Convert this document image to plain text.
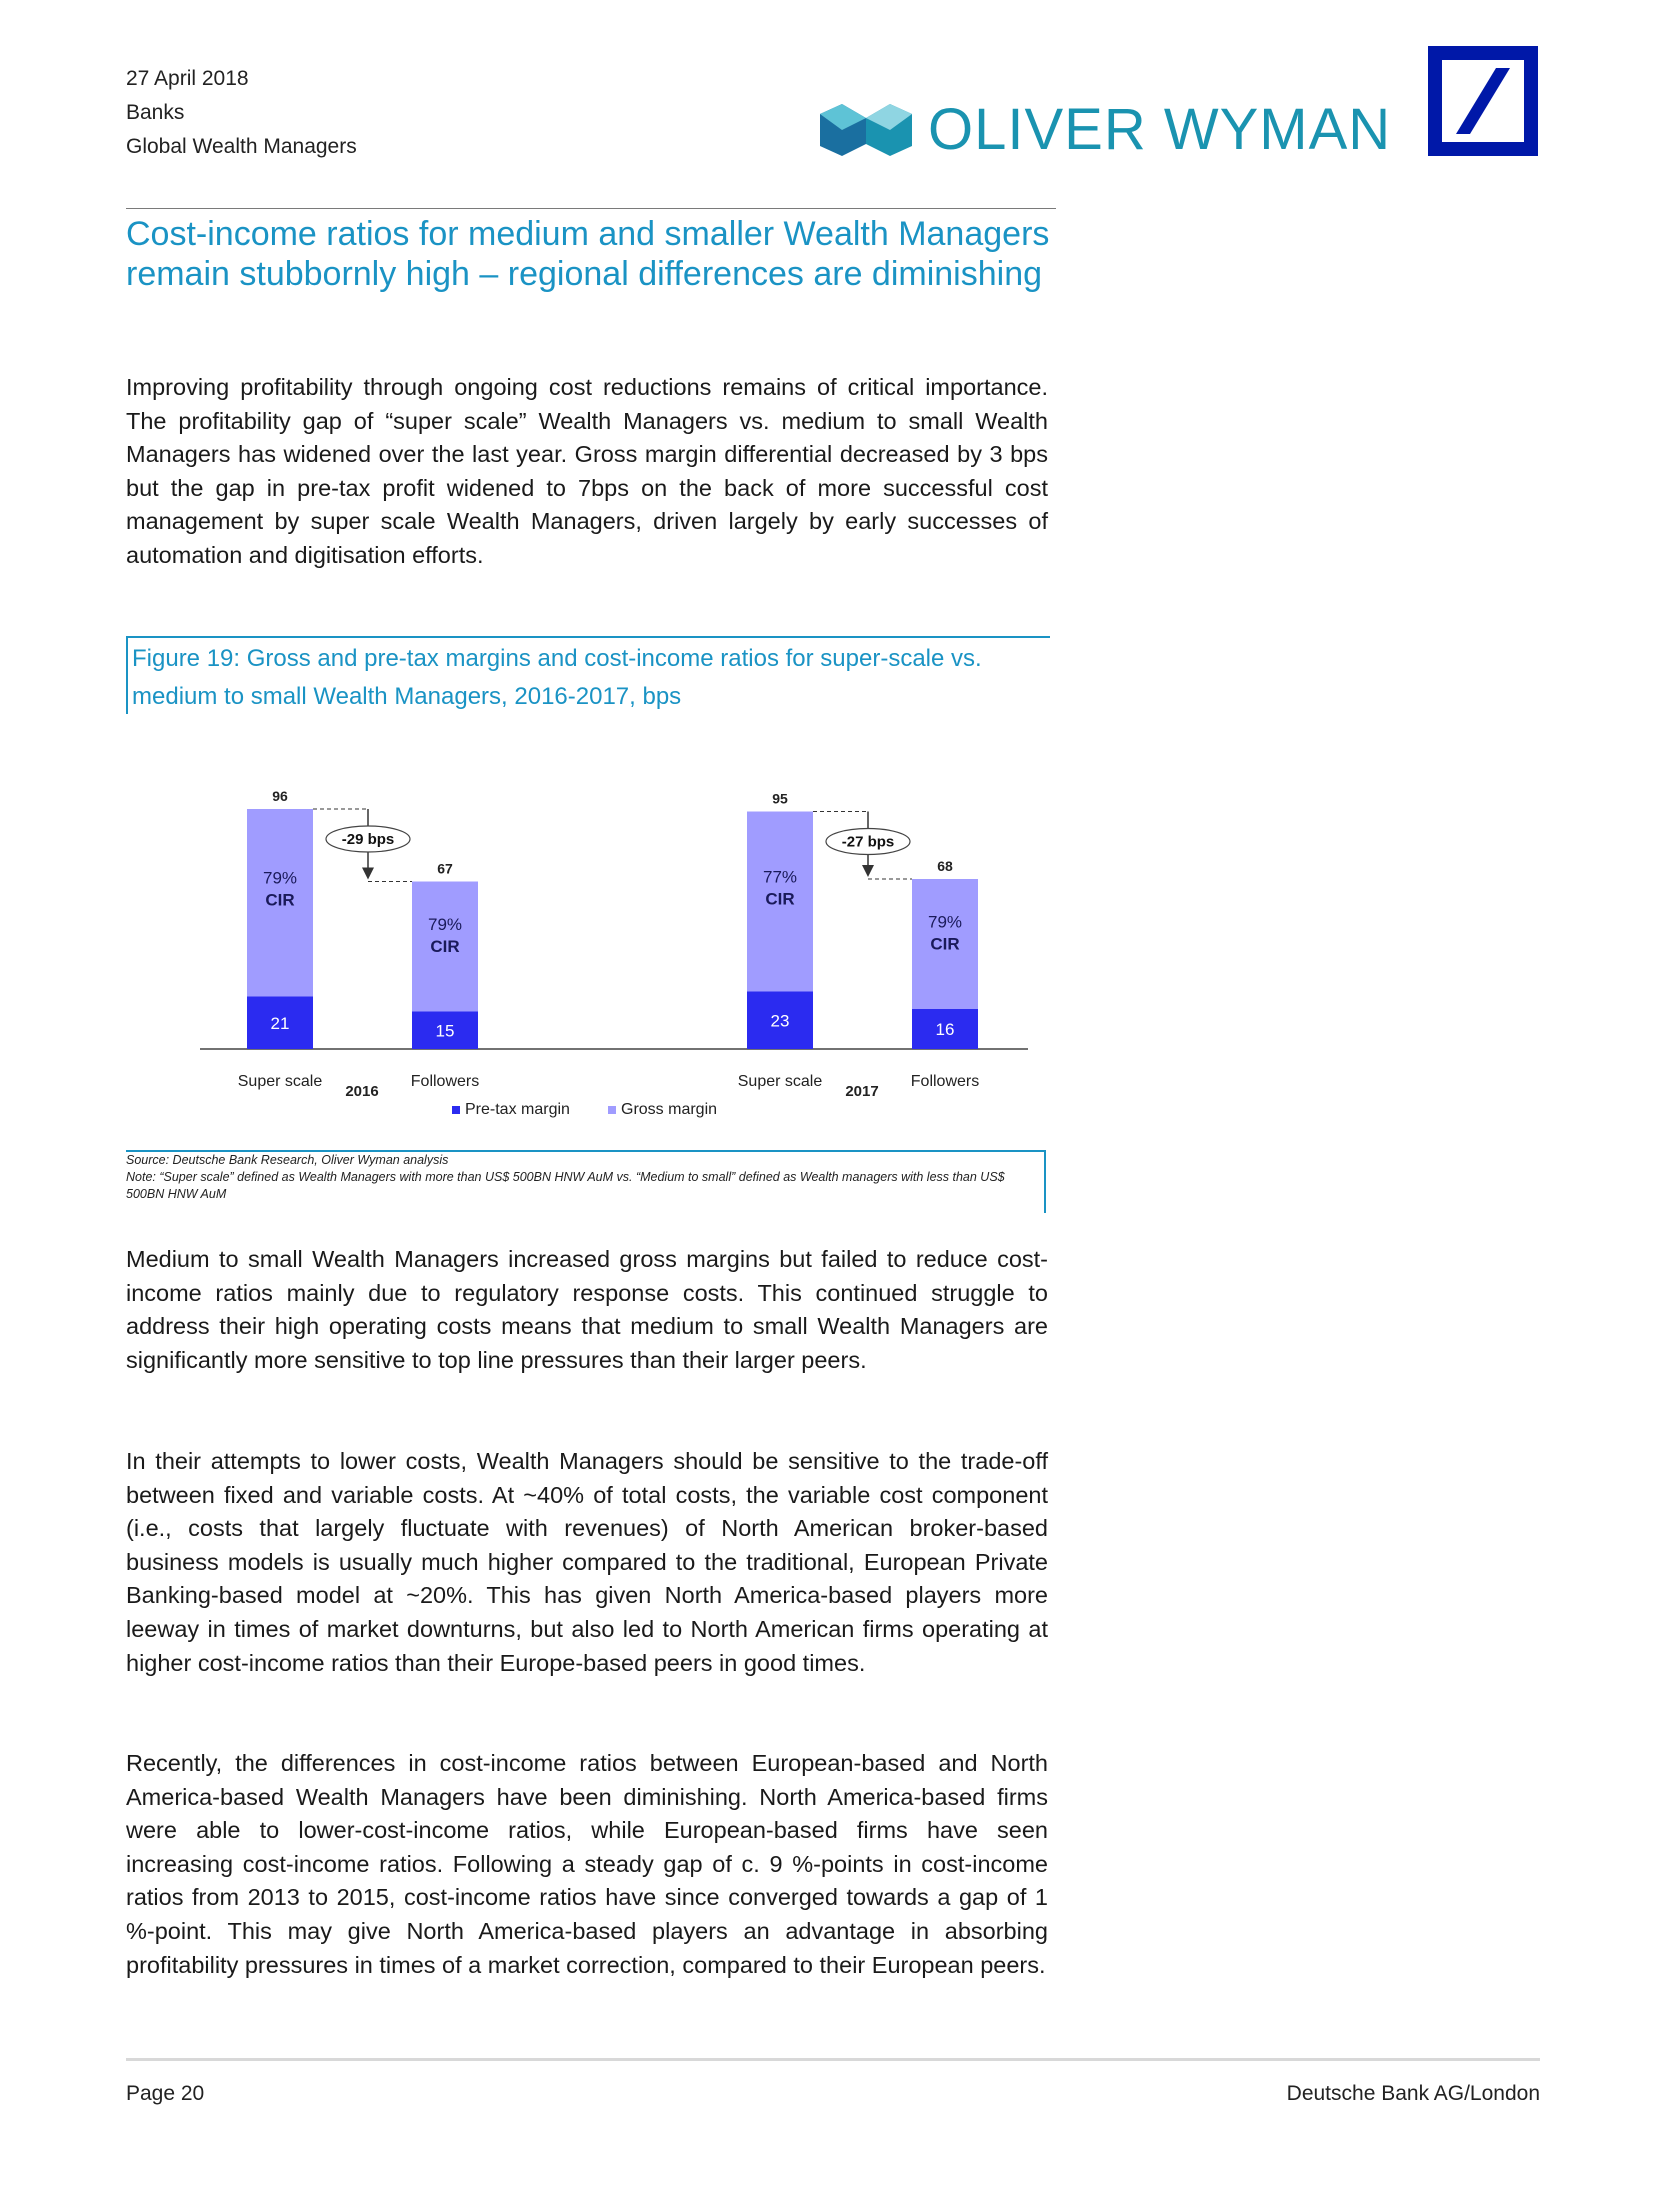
27 April 2018
Banks
Global Wealth Managers	OLIVER WYMAN
Cost-income ratios for medium and smaller Wealth Managers remain stubbornly high – regional differences are diminishing
Improving profitability through ongoing cost reductions remains of critical importance. The profitability gap of “super scale” Wealth Managers vs. medium to small Wealth Managers has widened over the last year. Gross margin differential decreased by 3 bps but the gap in pre-tax profit widened to 7bps on the back of more successful cost management by super scale Wealth Managers, driven largely by early successes of automation and digitisation efforts.
Figure 19: Gross and pre-tax margins and cost-income ratios for super-scale vs. medium to small Wealth Managers, 2016-2017, bps
96
21
79%
CIR
Super scale
67
15
79%
CIR
Followers
95
23
77%
CIR
Super scale
68
16
79%
CIR
Followers
-29 bps	-27 bps
2016	2017
Pre-tax margin	Gross margin
Source: Deutsche Bank Research, Oliver Wyman analysis
Note: “Super scale” defined as Wealth Managers with more than US$ 500BN HNW AuM vs. “Medium to small” defined as Wealth managers with less than US$ 500BN HNW AuM
Medium to small Wealth Managers increased gross margins but failed to reduce cost-income ratios mainly due to regulatory response costs. This continued struggle to address their high operating costs means that medium to small Wealth Managers are significantly more sensitive to top line pressures than their larger peers.
In their attempts to lower costs, Wealth Managers should be sensitive to the trade-off between fixed and variable costs. At ~40% of total costs, the variable cost component (i.e., costs that largely fluctuate with revenues) of North American broker-based business models is usually much higher compared to the traditional, European Private Banking-based model at ~20%. This has given North America-based players more leeway in times of market downturns, but also led to North American firms operating at higher cost-income ratios than their Europe-based peers in good times.
Recently, the differences in cost-income ratios between European-based and North America-based Wealth Managers have been diminishing. North America-based firms were able to lower-cost-income ratios, while European-based firms have seen increasing cost-income ratios. Following a steady gap of c. 9 %-points in cost-income ratios from 2013 to 2015, cost-income ratios have since converged towards a gap of 1 %-point. This may give North America-based players an advantage in absorbing profitability pressures in times of a market correction, compared to their European peers.
Page 20	Deutsche Bank AG/London
